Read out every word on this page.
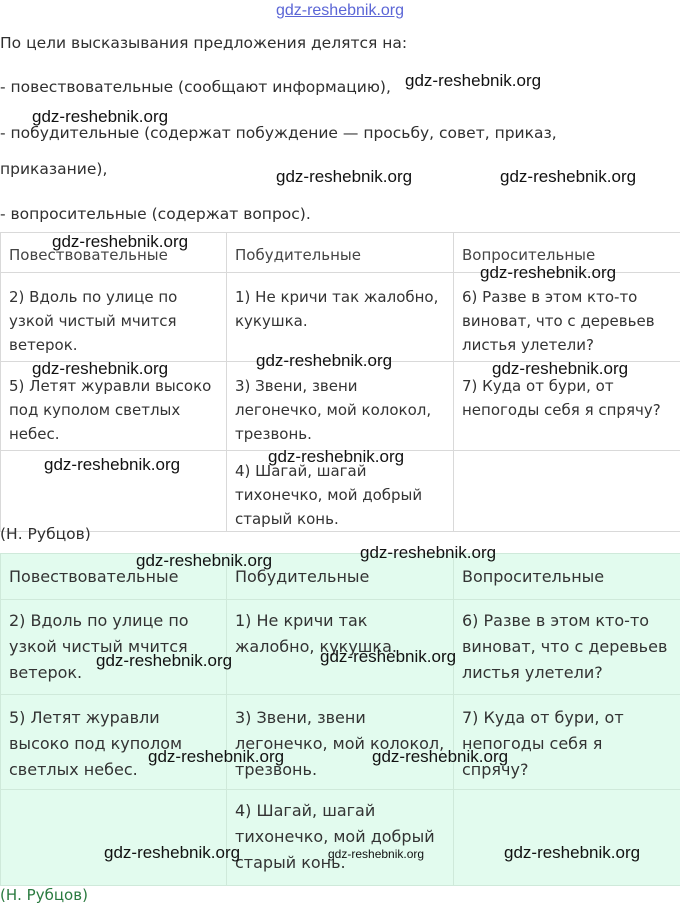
gdz-reshebnik.org
По цели высказывания предложения делятся на:
- повествовательные (сообщают информацию),
- побудительные (содержат побуждение — просьбу, совет, приказ,
приказание),
- вопросительные (содержат вопрос).
Повествовательные	Побудительные	Вопросительные
2) Вдоль по улице по узкой чистый мчится ветерок.	1) Не кричи так жалобно, кукушка.	6) Разве в этом кто-то виноват, что с деревьев листья улетели?
5) Летят журавли высоко под куполом светлых небес.	3) Звени, звени легонечко, мой колокол, трезвонь.	7) Куда от бури, от непогоды себя я спрячу?
	4) Шагай, шагай тихонечко, мой добрый старый конь.	
(Н. Рубцов)
Повествовательные	Побудительные	Вопросительные
2) Вдоль по улице по узкой чистый мчится ветерок.	1) Не кричи так жалобно, кукушка.	6) Разве в этом кто-то виноват, что с деревьев листья улетели?
5) Летят журавли высоко под куполом светлых небес.	3) Звени, звени легонечко, мой колокол, трезвонь.	7) Куда от бури, от непогоды себя я спрячу?
	4) Шагай, шагай тихонечко, мой добрый старый конь.	
(Н. Рубцов)
gdz-reshebnik.org
gdz-reshebnik.org
gdz-reshebnik.org	gdz-reshebnik.org
gdz-reshebnik.org
gdz-reshebnik.org
gdz-reshebnik.org	gdz-reshebnik.org	gdz-reshebnik.org
gdz-reshebnik.org	gdz-reshebnik.org
gdz-reshebnik.org	gdz-reshebnik.org
gdz-reshebnik.org	gdz-reshebnik.org
gdz-reshebnik.org	gdz-reshebnik.org
gdz-reshebnik.org	gdz-reshebnik.org	gdz-reshebnik.org
